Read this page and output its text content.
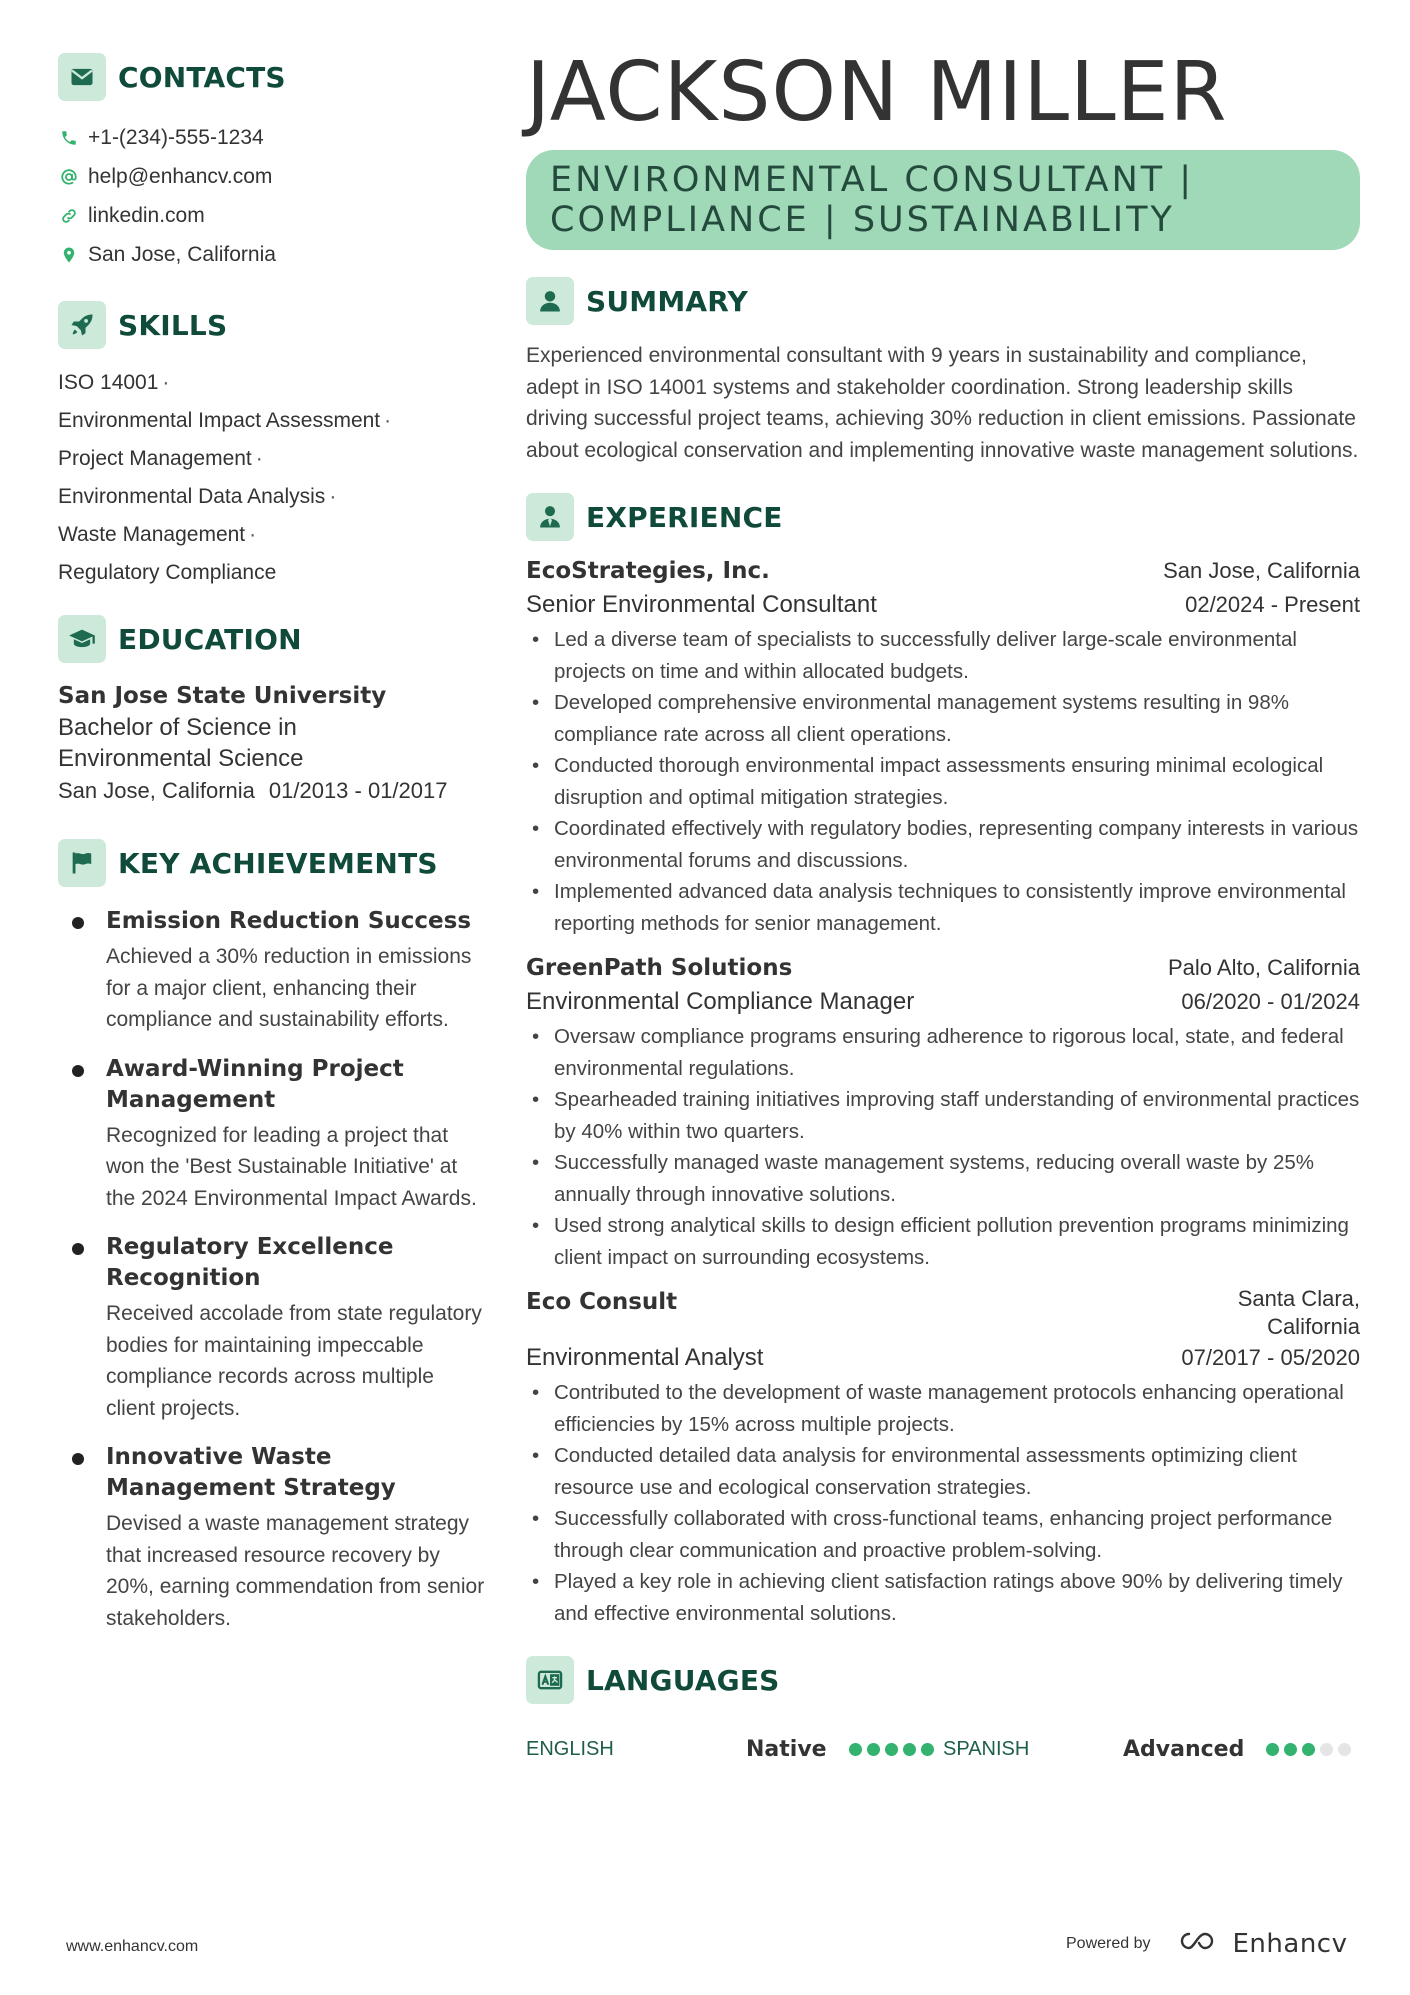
CONTACTS
+1-(234)-555-1234
help@enhancv.com
linkedin.com
San Jose, California
SKILLS
ISO 14001 ·
Environmental Impact Assessment ·
Project Management ·
Environmental Data Analysis ·
Waste Management ·
Regulatory Compliance
EDUCATION
San Jose State University
Bachelor of Science in
Environmental Science
San Jose, California 01/2013 - 01/2017
KEY ACHIEVEMENTS
Emission Reduction Success
Achieved a 30% reduction in emissions for a major client, enhancing their compliance and sustainability efforts.
Award-Winning Project Management
Recognized for leading a project that won the 'Best Sustainable Initiative' at the 2024 Environmental Impact Awards.
Regulatory Excellence Recognition
Received accolade from state regulatory bodies for maintaining impeccable compliance records across multiple client projects.
Innovative Waste Management Strategy
Devised a waste management strategy that increased resource recovery by 20%, earning commendation from senior stakeholders.
JACKSON MILLER
ENVIRONMENTAL CONSULTANT |
COMPLIANCE | SUSTAINABILITY
SUMMARY
Experienced environmental consultant with 9 years in sustainability and compliance, adept in ISO 14001 systems and stakeholder coordination. Strong leadership skills driving successful project teams, achieving 30% reduction in client emissions. Passionate about ecological conservation and implementing innovative waste management solutions.
EXPERIENCE
EcoStrategies, Inc.	San Jose, California
Senior Environmental Consultant	02/2024 - Present
• Led a diverse team of specialists to successfully deliver large-scale environmental projects on time and within allocated budgets.
• Developed comprehensive environmental management systems resulting in 98% compliance rate across all client operations.
• Conducted thorough environmental impact assessments ensuring minimal ecological disruption and optimal mitigation strategies.
• Coordinated effectively with regulatory bodies, representing company interests in various environmental forums and discussions.
• Implemented advanced data analysis techniques to consistently improve environmental reporting methods for senior management.
GreenPath Solutions	Palo Alto, California
Environmental Compliance Manager	06/2020 - 01/2024
• Oversaw compliance programs ensuring adherence to rigorous local, state, and federal environmental regulations.
• Spearheaded training initiatives improving staff understanding of environmental practices by 40% within two quarters.
• Successfully managed waste management systems, reducing overall waste by 25% annually through innovative solutions.
• Used strong analytical skills to design efficient pollution prevention programs minimizing client impact on surrounding ecosystems.
Eco Consult	Santa Clara,
California
Environmental Analyst	07/2017 - 05/2020
• Contributed to the development of waste management protocols enhancing operational efficiencies by 15% across multiple projects.
• Conducted detailed data analysis for environmental assessments optimizing client resource use and ecological conservation strategies.
• Successfully collaborated with cross-functional teams, enhancing project performance through clear communication and proactive problem-solving.
• Played a key role in achieving client satisfaction ratings above 90% by delivering timely and effective environmental solutions.
LANGUAGES
ENGLISH	Native	SPANISH	Advanced
www.enhancv.com	Powered by	Enhancv
